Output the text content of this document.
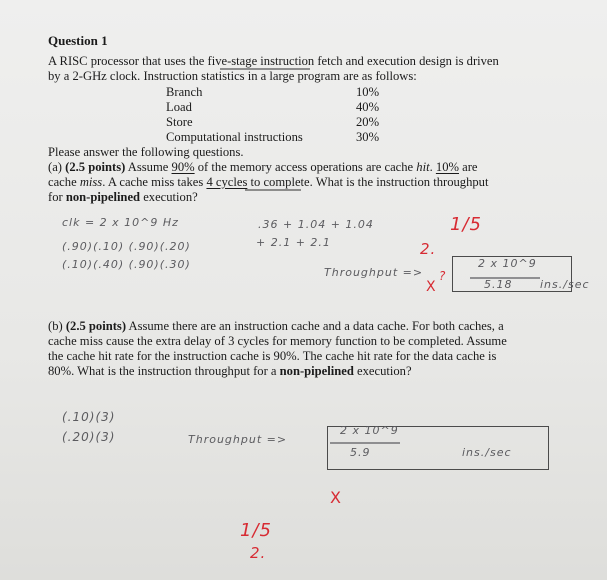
Question 1
A RISC processor that uses the five-stage instruction fetch and execution design is driven
by a 2-GHz clock. Instruction statistics in a large program are as follows:
Branch	10%
Load	40%
Store	20%
Computational instructions	30%
Please answer the following questions.
(a) (2.5 points) Assume 90% of the memory access operations are cache hit. 10% are
cache miss. A cache miss takes 4 cycles to complete. What is the instruction throughput
for non-pipelined execution?
clk = 2 x 10^9 Hz	.36 + 1.04 + 1.04
+ 2.1 + 2.1
(.90)(.10) (.90)(.20)
(.10)(.40) (.90)(.30)
Throughput =>
2 x 10^9
5.18	ins./sec
1/5
2.
?
X
(b) (2.5 points) Assume there are an instruction cache and a data cache. For both caches, a
cache miss cause the extra delay of 3 cycles for memory function to be completed. Assume
the cache hit rate for the instruction cache is 90%. The cache hit rate for the data cache is
80%. What is the instruction throughput for a non-pipelined execution?
(.10)(3)
(.20)(3)	Throughput =>
2 x 10^9
5.9	ins./sec
X
1/5
2.
